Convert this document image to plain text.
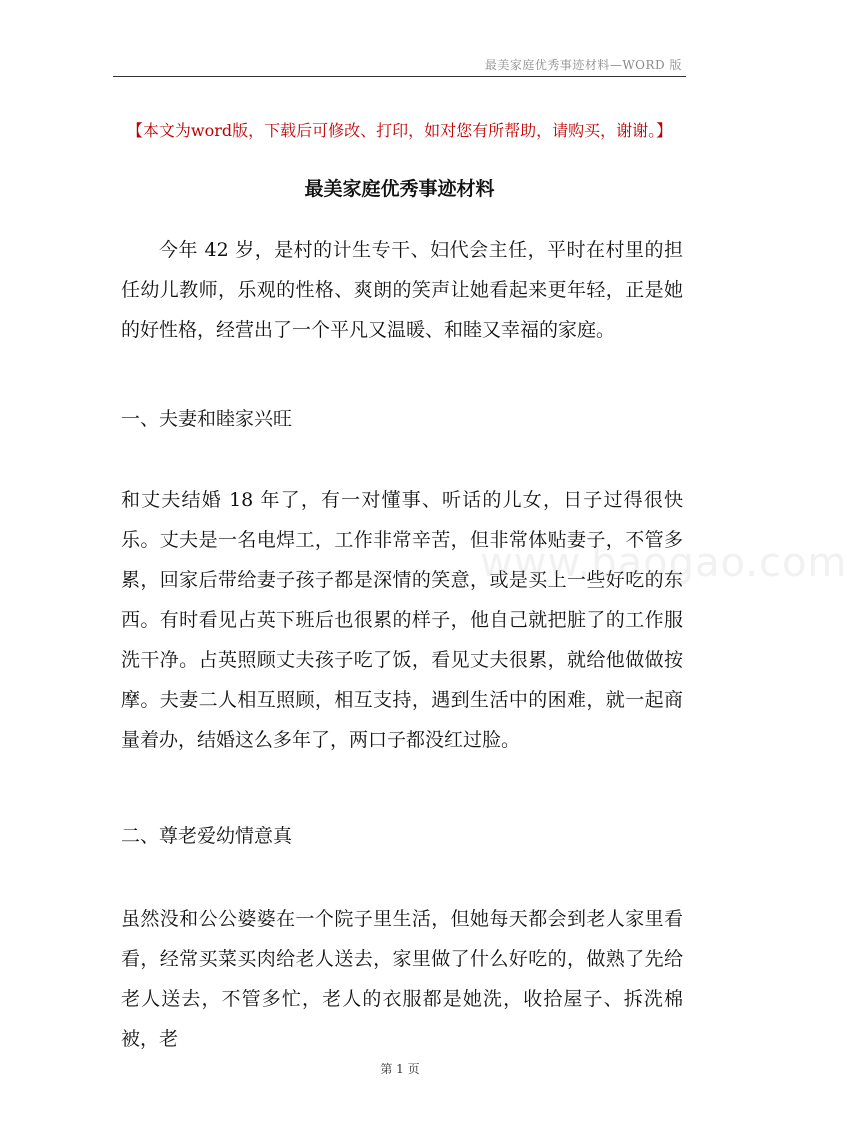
最美家庭优秀事迹材料—WORD 版
【本文为word版，下载后可修改、打印，如对您有所帮助，请购买，谢谢。】
最美家庭优秀事迹材料

今年 42 岁，是村的计生专干、妇代会主任，平时在村里的担任幼儿教师，乐观的性格、爽朗的笑声让她看起来更年轻，正是她的好性格，经营出了一个平凡又温暖、和睦又幸福的家庭。

一、夫妻和睦家兴旺

和丈夫结婚 18 年了，有一对懂事、听话的儿女，日子过得很快乐。丈夫是一名电焊工，工作非常辛苦，但非常体贴妻子，不管多累，回家后带给妻子孩子都是深情的笑意，或是买上一些好吃的东西。有时看见占英下班后也很累的样子，他自己就把脏了的工作服洗干净。占英照顾丈夫孩子吃了饭，看见丈夫很累，就给他做做按摩。夫妻二人相互照顾，相互支持，遇到生活中的困难，就一起商量着办，结婚这么多年了，两口子都没红过脸。

www.baogao.com

二、尊老爱幼情意真

虽然没和公公婆婆在一个院子里生活，但她每天都会到老人家里看看，经常买菜买肉给老人送去，家里做了什么好吃的，做熟了先给老人送去，不管多忙，老人的衣服都是她洗，收拾屋子、拆洗棉被，老

第 1 页
